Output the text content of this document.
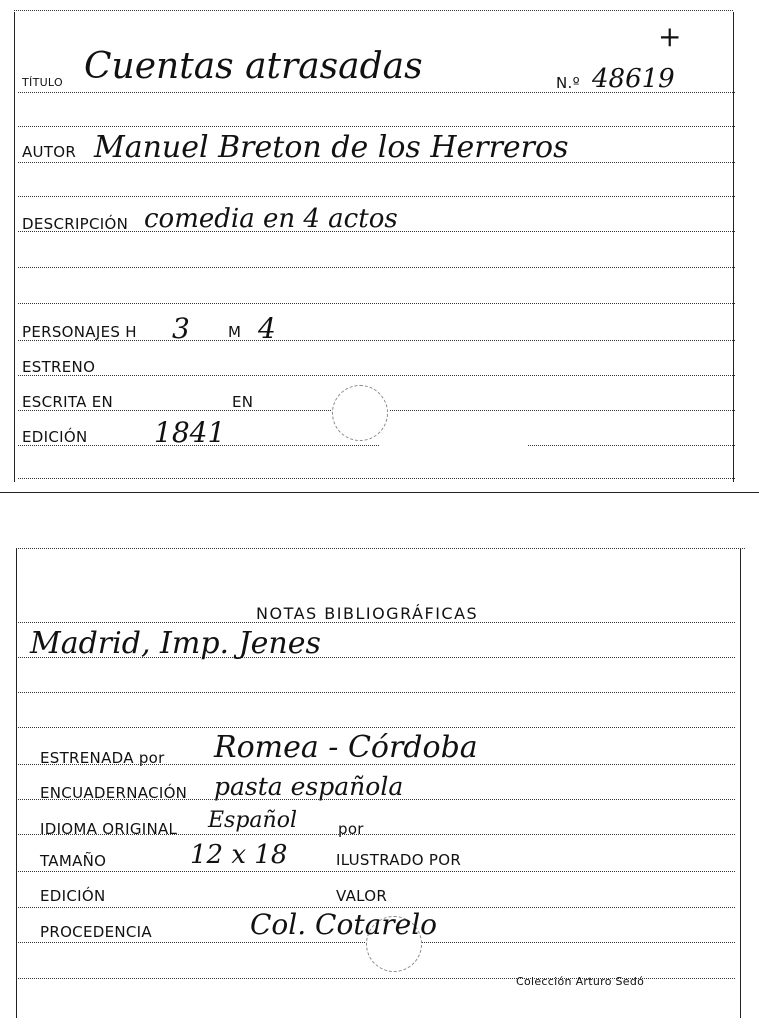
TÍTULO Cuentas atrasadas	N.º 48619
+
AUTOR Manuel Breton de los Herreros
DESCRIPCIÓN comedia en 4 actos
PERSONAJES H 3	M 4
ESTRENO
ESCRITA EN	EN
EDICIÓN 1841
NOTAS BIBLIOGRÁFICAS
Madrid, Imp. Jenes
ESTRENADA por Romea - Córdoba
ENCUADERNACIÓN pasta española
IDIOMA ORIGINAL Español	por
TAMAÑO	12 x 18	ILUSTRADO POR
EDICIÓN	VALOR
PROCEDENCIA	Col. Cotarelo
Colección Arturo Sedó
